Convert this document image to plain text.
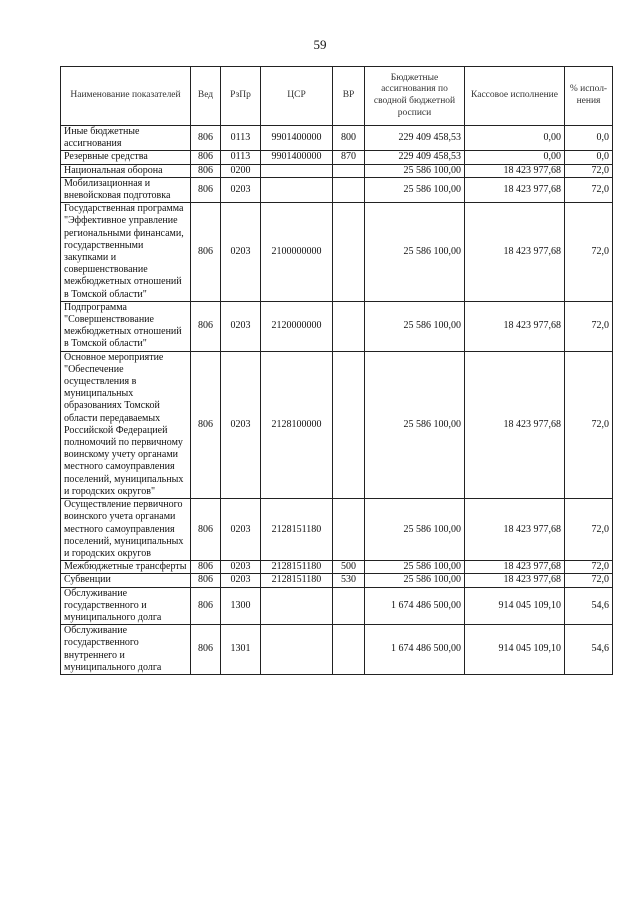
59
Наименование показателей	Вед	РзПр	ЦСР	ВР	Бюджетные ассигнования по сводной бюджетной росписи	Кассовое исполнение	% испол-нения
Иные бюджетные ассигнования	806	0113	9901400000	800	229 409 458,53	0,00	0,0
Резервные средства	806	0113	9901400000	870	229 409 458,53	0,00	0,0
Национальная оборона	806	0200			25 586 100,00	18 423 977,68	72,0
Мобилизационная и вневойсковая подготовка	806	0203			25 586 100,00	18 423 977,68	72,0
Государственная программа "Эффективное управление региональными финансами, государственными закупками и совершенствование межбюджетных отношений в Томской области"	806	0203	2100000000		25 586 100,00	18 423 977,68	72,0
Подпрограмма "Совершенствование межбюджетных отношений в Томской области"	806	0203	2120000000		25 586 100,00	18 423 977,68	72,0
Основное мероприятие "Обеспечение осуществления в муниципальных образованиях Томской области передаваемых Российской Федерацией полномочий по первичному воинскому учету органами местного самоуправления поселений, муниципальных и городских округов"	806	0203	2128100000		25 586 100,00	18 423 977,68	72,0
Осуществление первичного воинского учета органами местного самоуправления поселений, муниципальных и городских округов	806	0203	2128151180		25 586 100,00	18 423 977,68	72,0
Межбюджетные трансферты	806	0203	2128151180	500	25 586 100,00	18 423 977,68	72,0
Субвенции	806	0203	2128151180	530	25 586 100,00	18 423 977,68	72,0
Обслуживание государственного и муниципального долга	806	1300			1 674 486 500,00	914 045 109,10	54,6
Обслуживание государственного внутреннего и муниципального долга	806	1301			1 674 486 500,00	914 045 109,10	54,6
